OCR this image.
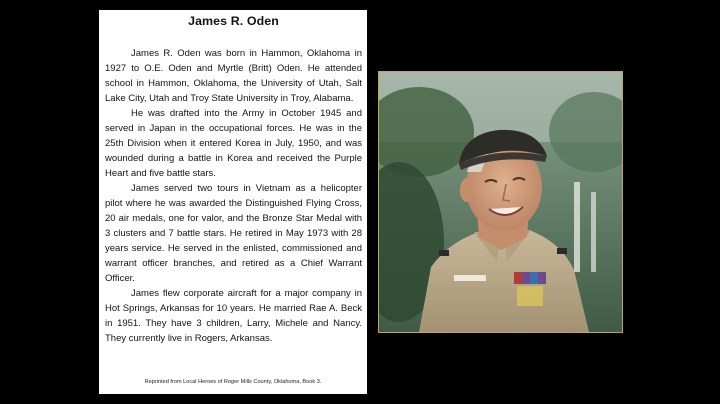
James R. Oden

James R. Oden was born in Hammon, Oklahoma in 1927 to O.E. Oden and Myrtle (Britt) Oden. He attended school in Hammon, Oklahoma, the University of Utah, Salt Lake City, Utah and Troy State University in Troy, Alabama.

He was drafted into the Army in October 1945 and served in Japan in the occupational forces. He was in the 25th Division when it entered Korea in July, 1950, and was wounded during a battle in Korea and received the Purple Heart and five battle stars.

James served two tours in Vietnam as a helicopter pilot where he was awarded the Distinguished Flying Cross, 20 air medals, one for valor, and the Bronze Star Medal with 3 clusters and 7 battle stars. He retired in May 1973 with 28 years service. He served in the enlisted, commissioned and warrant officer branches, and retired as a Chief Warrant Officer.

James flew corporate aircraft for a major company in Hot Springs, Arkansas for 10 years. He married Rae A. Beck in 1951. They have 3 children, Larry, Michele and Nancy. They currently live in Rogers, Arkansas.

Reprinted from Local Heroes of Roger Mills County, Oklahoma, Book 3.
